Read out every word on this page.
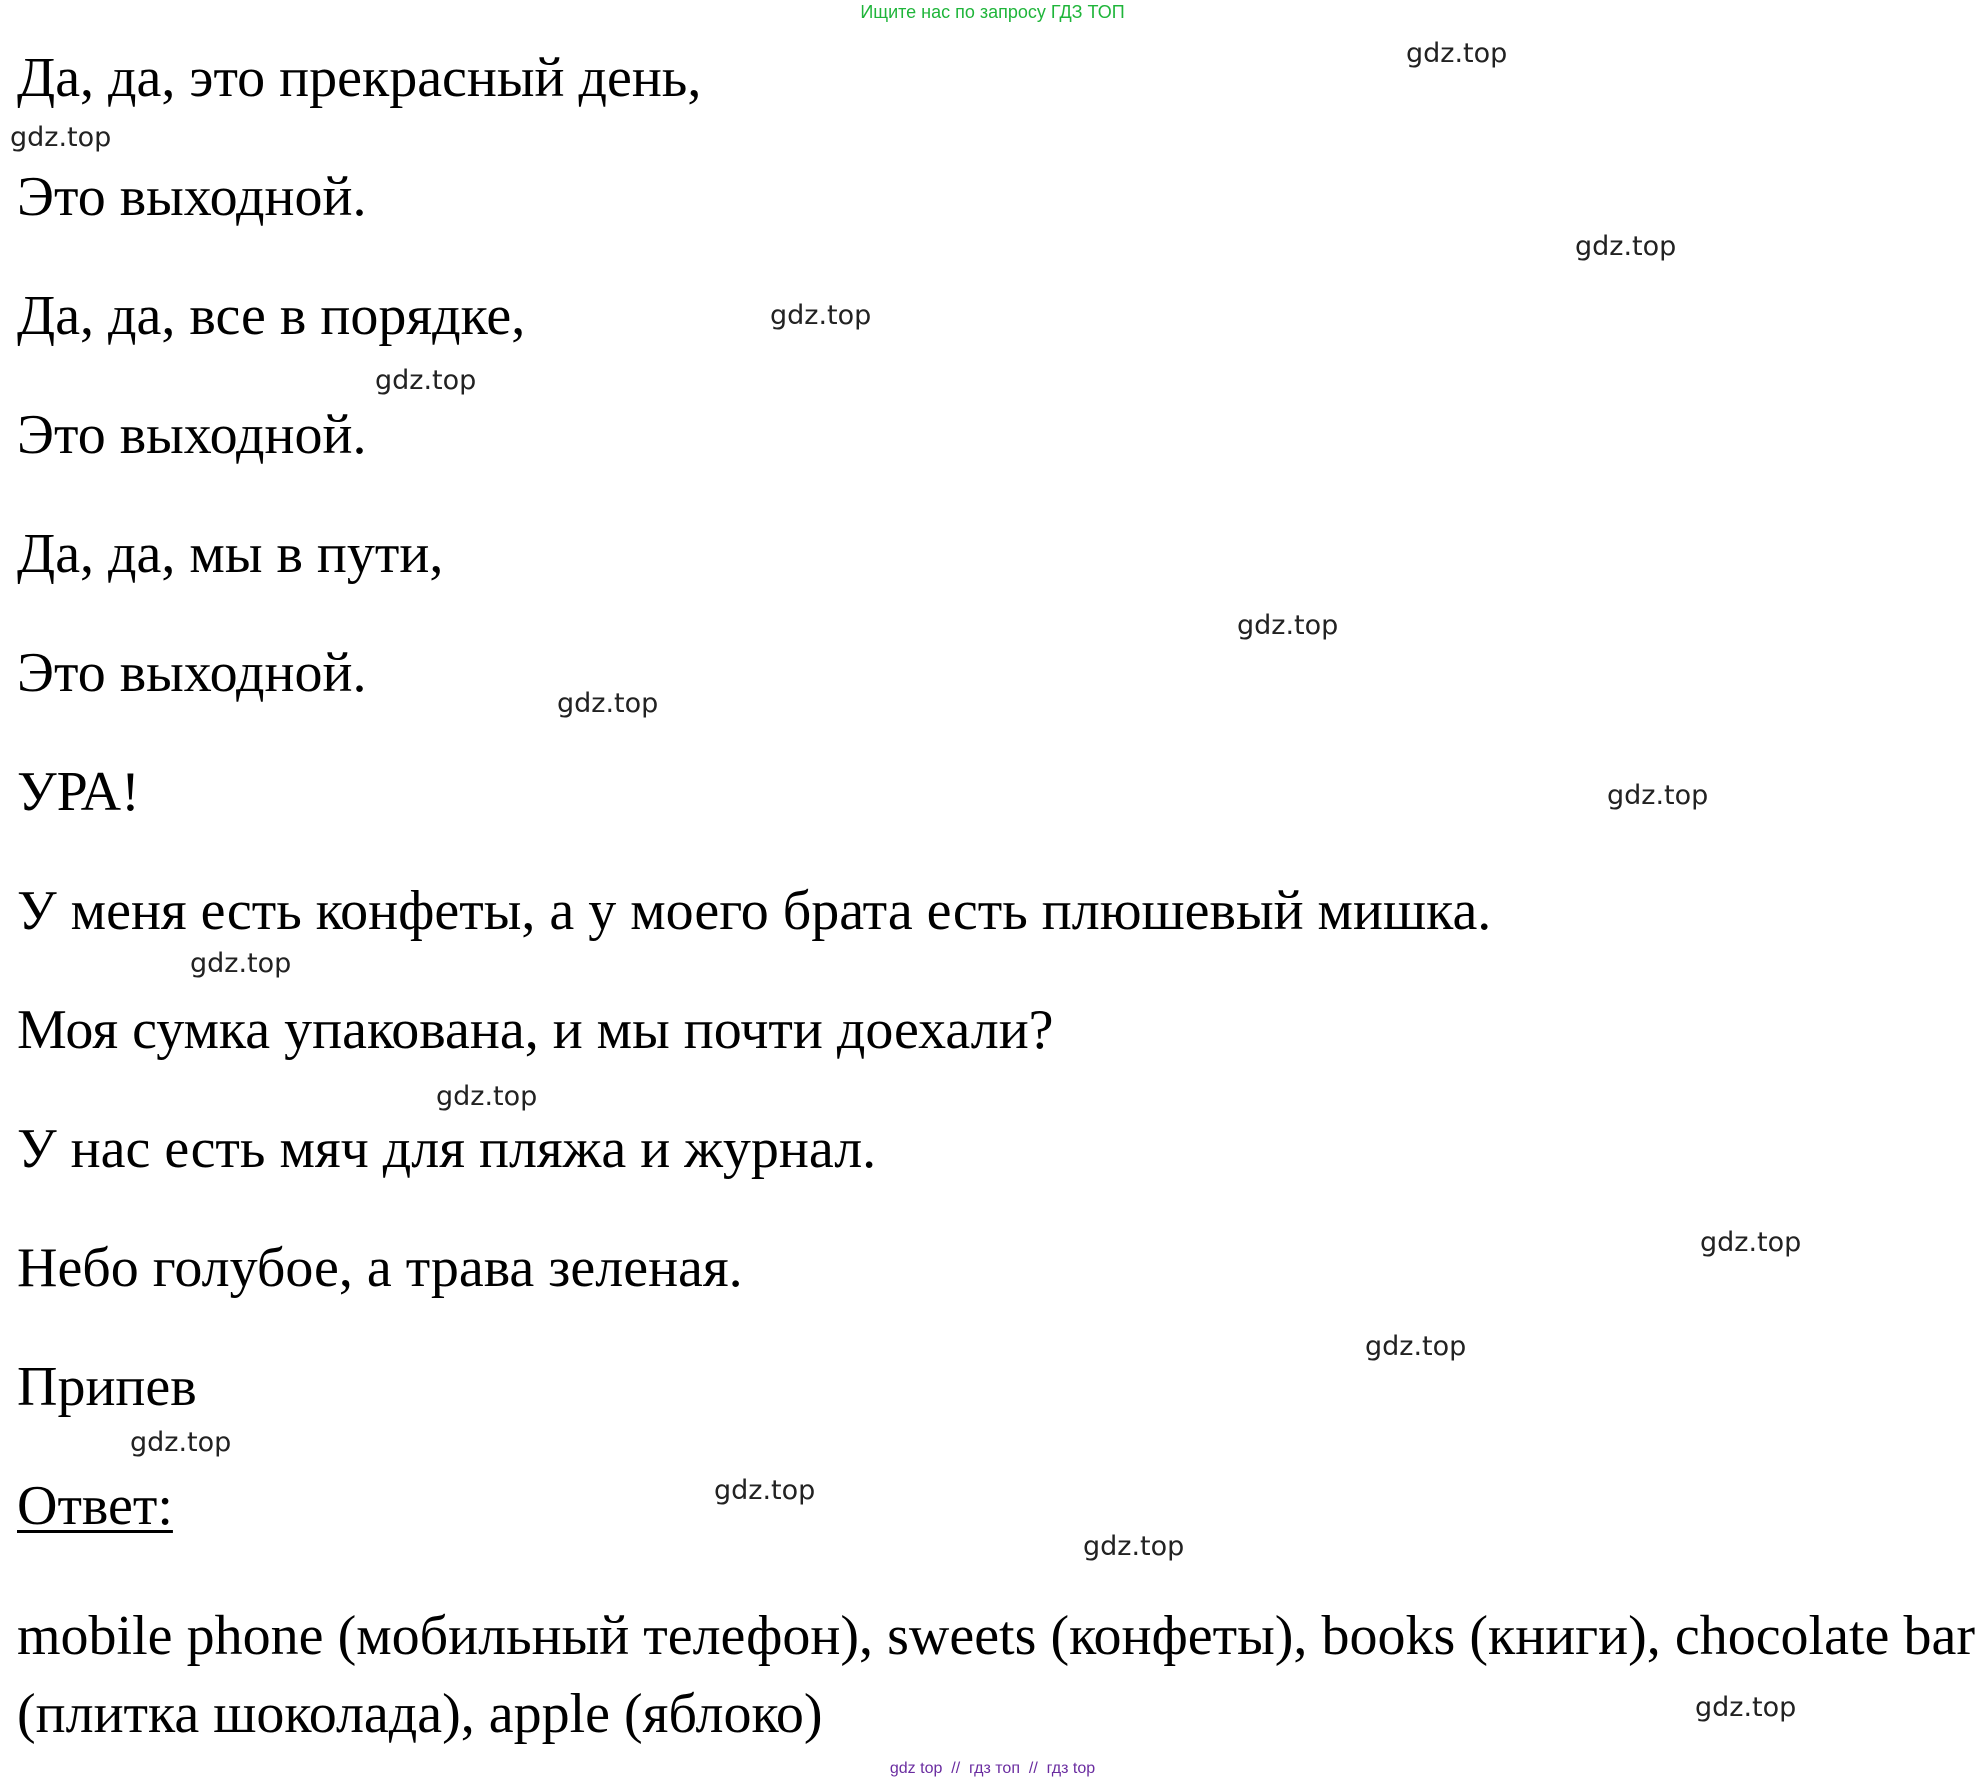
Ищите нас по запросу ГДЗ ТОП
Да, да, это прекрасный день,
Это выходной.
Да, да, все в порядке,
Это выходной.
Да, да, мы в пути,
Это выходной.
УРА!
У меня есть конфеты, а у моего брата есть плюшевый мишка.
Моя сумка упакована, и мы почти доехали?
У нас есть мяч для пляжа и журнал.
Небо голубое, а трава зеленая.
Припев
Ответ:
mobile phone (мобильный телефон), sweets (конфеты), books (книги), chocolate bar (плитка шоколада), apple (яблоко)
gdz.top
gdz.top
gdz.top
gdz.top
gdz.top
gdz.top
gdz.top
gdz.top
gdz.top
gdz.top
gdz.top
gdz.top
gdz.top
gdz.top
gdz.top
gdz.top
gdz top  //  гдз топ  //  гдз top
